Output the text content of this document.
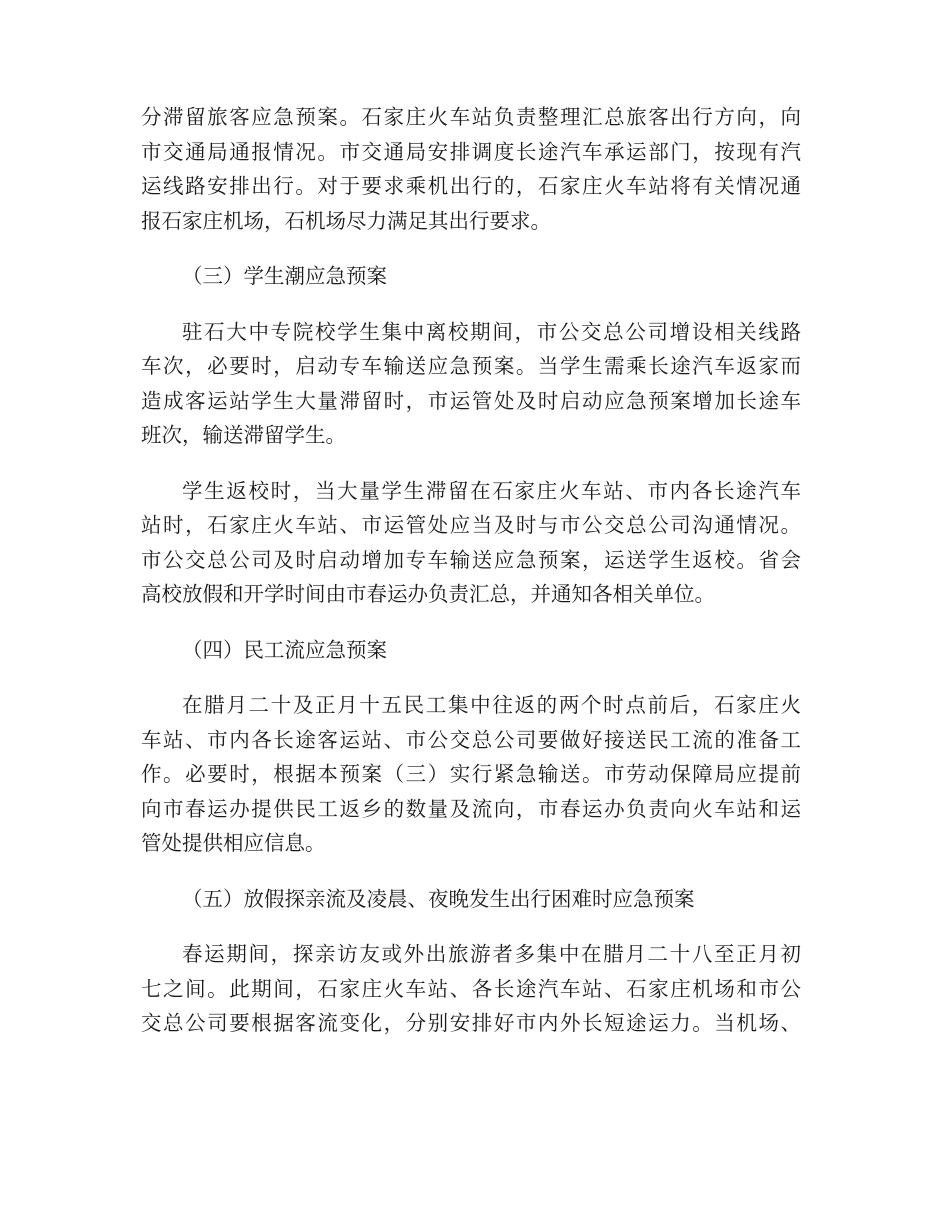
分滞留旅客应急预案。石家庄火车站负责整理汇总旅客出行方向，向
市交通局通报情况。市交通局安排调度长途汽车承运部门，按现有汽
运线路安排出行。对于要求乘机出行的，石家庄火车站将有关情况通
报石家庄机场，石机场尽力满足其出行要求。
（三）学生潮应急预案
驻石大中专院校学生集中离校期间，市公交总公司增设相关线路
车次，必要时，启动专车输送应急预案。当学生需乘长途汽车返家而
造成客运站学生大量滞留时，市运管处及时启动应急预案增加长途车
班次，输送滞留学生。
学生返校时，当大量学生滞留在石家庄火车站、市内各长途汽车
站时，石家庄火车站、市运管处应当及时与市公交总公司沟通情况。
市公交总公司及时启动增加专车输送应急预案，运送学生返校。省会
高校放假和开学时间由市春运办负责汇总，并通知各相关单位。
（四）民工流应急预案
在腊月二十及正月十五民工集中往返的两个时点前后，石家庄火
车站、市内各长途客运站、市公交总公司要做好接送民工流的准备工
作。必要时，根据本预案（三）实行紧急输送。市劳动保障局应提前
向市春运办提供民工返乡的数量及流向，市春运办负责向火车站和运
管处提供相应信息。
（五）放假探亲流及凌晨、夜晚发生出行困难时应急预案
春运期间，探亲访友或外出旅游者多集中在腊月二十八至正月初
七之间。此期间，石家庄火车站、各长途汽车站、石家庄机场和市公
交总公司要根据客流变化，分别安排好市内外长短途运力。当机场、
